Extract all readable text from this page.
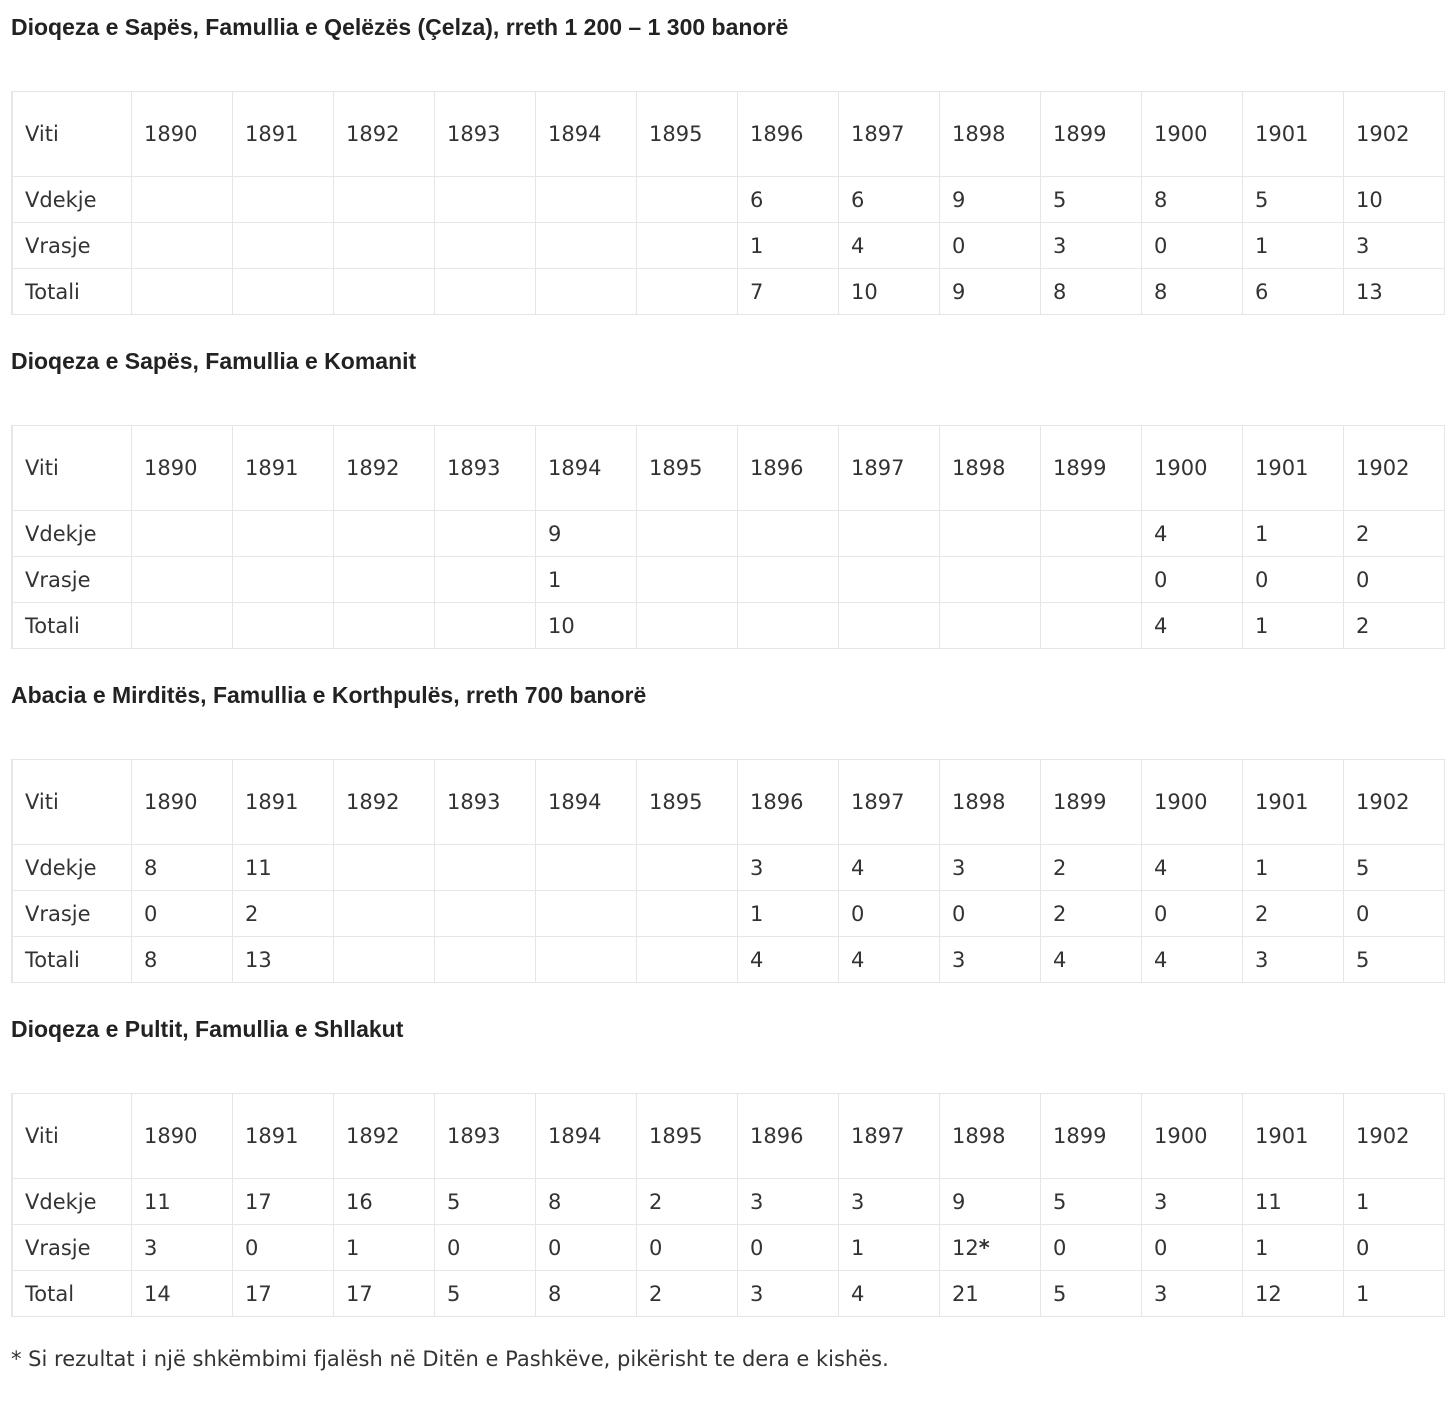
Dioqeza e Sapës, Famullia e Qelëzës (Çelza), rreth 1 200 – 1 300 banorë
Viti	1890	1891	1892	1893	1894	1895	1896	1897	1898	1899	1900	1901	1902
Vdekje							6	6	9	5	8	5	10
Vrasje							1	4	0	3	0	1	3
Totali							7	10	9	8	8	6	13
Dioqeza e Sapës, Famullia e Komanit
Viti	1890	1891	1892	1893	1894	1895	1896	1897	1898	1899	1900	1901	1902
Vdekje					9						4	1	2
Vrasje					1						0	0	0
Totali					10						4	1	2
Abacia e Mirditës, Famullia e Korthpulës, rreth 700 banorë
Viti	1890	1891	1892	1893	1894	1895	1896	1897	1898	1899	1900	1901	1902
Vdekje	8	11					3	4	3	2	4	1	5
Vrasje	0	2					1	0	0	2	0	2	0
Totali	8	13					4	4	3	4	4	3	5
Dioqeza e Pultit, Famullia e Shllakut
Viti	1890	1891	1892	1893	1894	1895	1896	1897	1898	1899	1900	1901	1902
Vdekje	11	17	16	5	8	2	3	3	9	5	3	11	1
Vrasje	3	0	1	0	0	0	0	1	12*	0	0	1	0
Total	14	17	17	5	8	2	3	4	21	5	3	12	1
* Si rezultat i një shkëmbimi fjalësh në Ditën e Pashkëve, pikërisht te dera e kishës.
